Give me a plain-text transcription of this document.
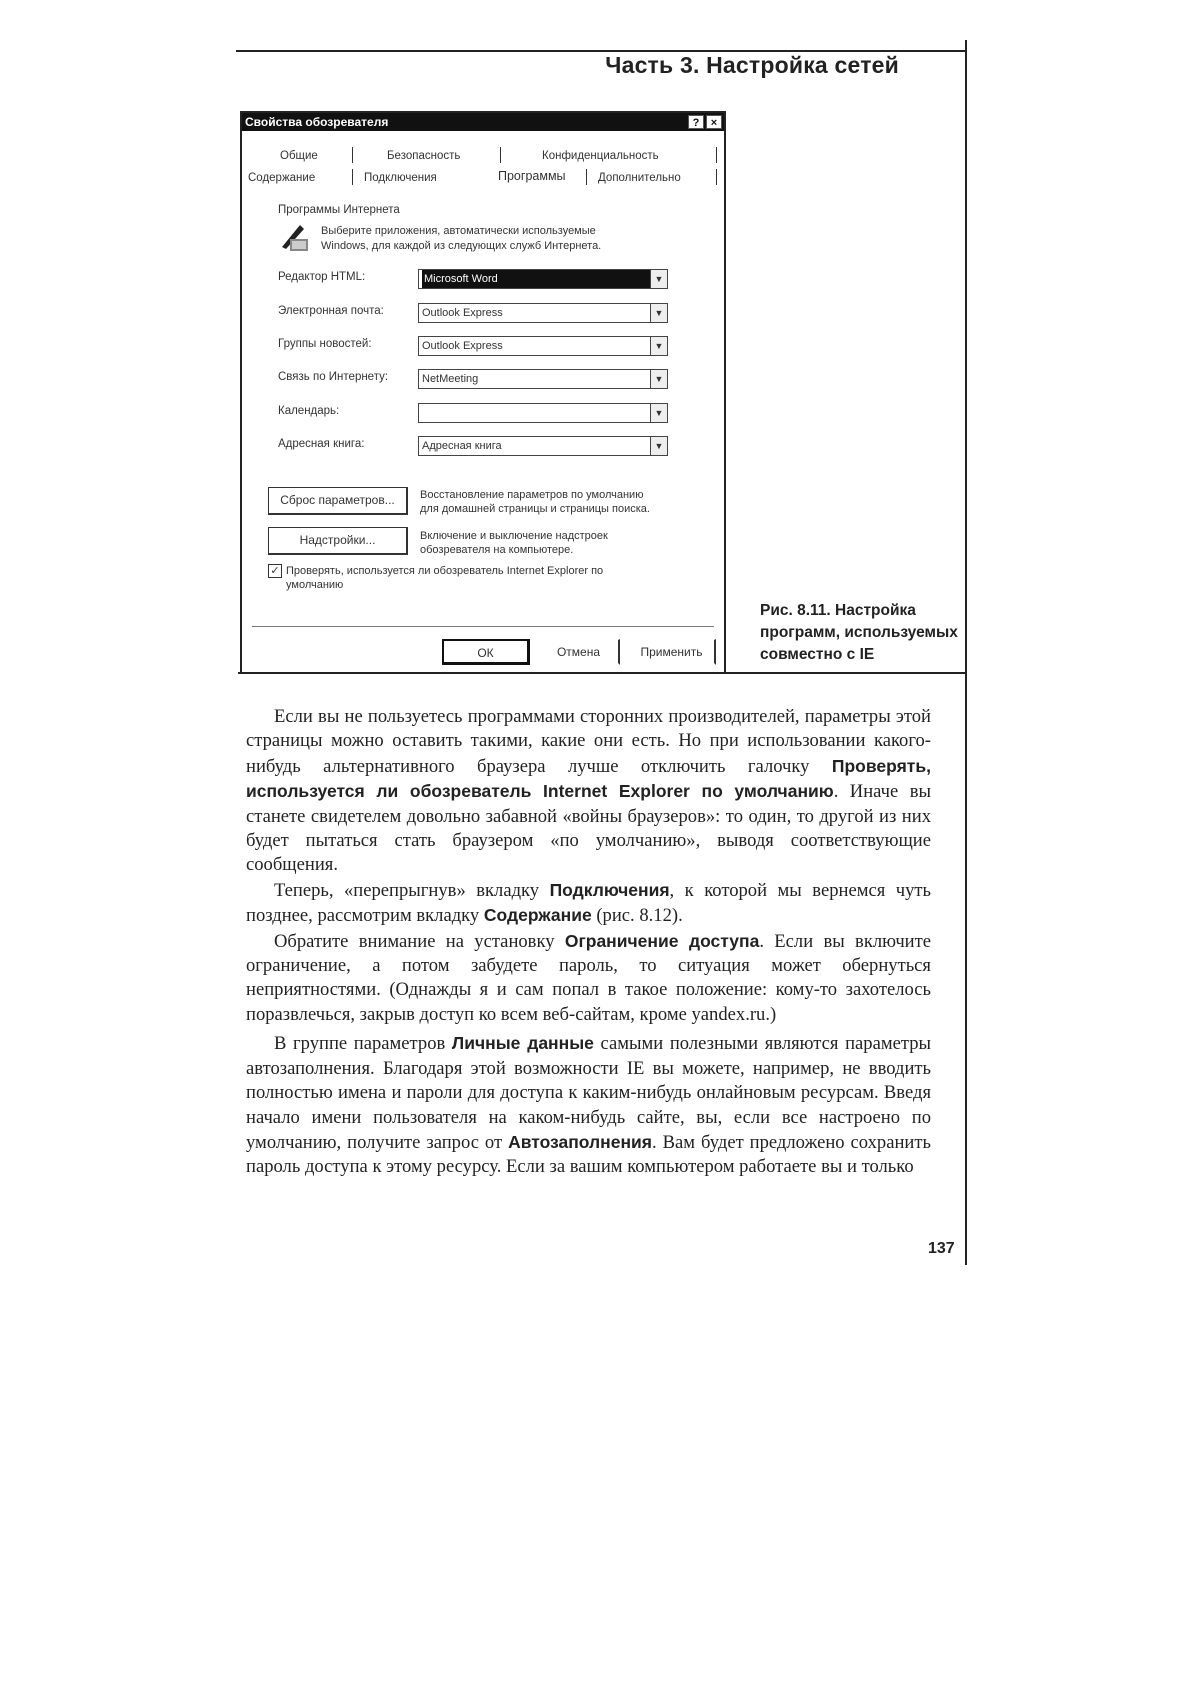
Часть 3. Настройка сетей
Свойства обозревателя	?	×
Общие	Безопасность	Конфиденциальность
Содержание	Подключения	Программы	Дополнительно
Программы Интернета
Выберите приложения, автоматически используемые
Windows, для каждой из следующих служб Интернета.
Редактор HTML:	Microsoft Word	▼
Электронная почта:	Outlook Express	▼
Группы новостей:	Outlook Express	▼
Связь по Интернету:	NetMeeting	▼
Календарь:	▼
Адресная книга:	Адресная книга	▼
Сброс параметров...	Восстановление параметров по умолчанию
для домашней страницы и страницы поиска.
Надстройки...	Включение и выключение надстроек
обозревателя на компьютере.
✓ Проверять, используется ли обозреватель Internet Explorer по
умолчанию
ОК	Отмена	Применить
Рис. 8.11. Настройка
программ, используемых
совместно с IE

Если вы не пользуетесь программами сторонних производителей, параметры этой страницы можно оставить такими, какие они есть. Но при использовании какого-нибудь альтернативного браузера лучше отключить галочку Проверять, используется ли обозреватель Internet Explorer по умолчанию. Иначе вы станете свидетелем довольно забавной «войны браузеров»: то один, то другой из них будет пытаться стать браузером «по умолчанию», выводя соответствующие сообщения.

Теперь, «перепрыгнув» вкладку Подключения, к которой мы вернемся чуть позднее, рассмотрим вкладку Содержание (рис. 8.12).

Обратите внимание на установку Ограничение доступа. Если вы включите ограничение, а потом забудете пароль, то ситуация может обернуться неприятностями. (Однажды я и сам попал в такое положение: кому-то захотелось поразвлечься, закрыв доступ ко всем веб-сайтам, кроме yandex.ru.)

В группе параметров Личные данные самыми полезными являются параметры автозаполнения. Благодаря этой возможности IE вы можете, например, не вводить полностью имена и пароли для доступа к каким-нибудь онлайновым ресурсам. Введя начало имени пользователя на каком-нибудь сайте, вы, если все настроено по умолчанию, получите запрос от Автозаполнения. Вам будет предложено сохранить пароль доступа к этому ресурсу. Если за вашим компьютером работаете вы и только

137
